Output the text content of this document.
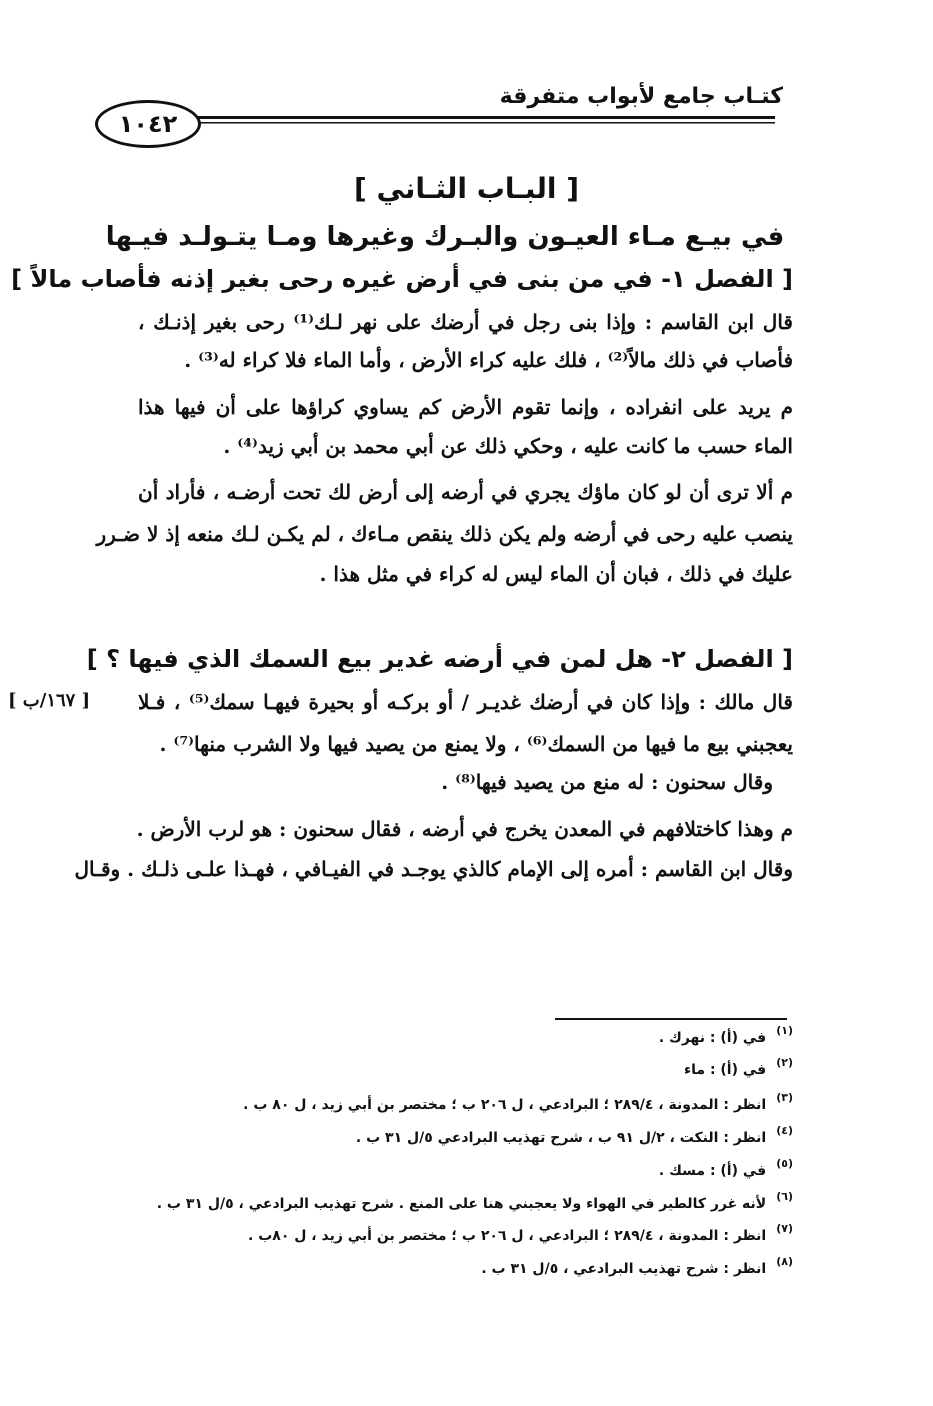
كتـاب جامع لأبواب متفرقة
١٠٤٢
[ البـاب الثـاني ]
في بيـع مـاء العيـون والبـرك وغيرها ومـا يتـولـد فيـها
[ الفصل ١- في من بنى في أرض غيره رحى بغير إذنه فأصاب مالاً ]
قال ابن القاسم : وإذا بنى رجل في أرضك على نهر لـك⁽¹⁾ رحى بغير إذنـك ،
فأصاب في ذلك مالاً⁽²⁾ ، فلك عليه كراء الأرض ، وأما الماء فلا كراء له⁽³⁾ .
م يريد على انفراده ، وإنما تقوم الأرض كم يساوي كراؤها على أن فيها هذا
الماء حسب ما كانت عليه ، وحكي ذلك عن أبي محمد بن أبي زيد⁽⁴⁾ .
م ألا ترى أن لو كان ماؤك يجري في أرضه إلى أرض لك تحت أرضـه ، فأراد أن
ينصب عليه رحى في أرضه ولم يكن ذلك ينقص مـاءك ، لم يكـن لـك منعه إذ لا ضـرر
عليك في ذلك ، فبان أن الماء ليس له كراء في مثل هذا .
[ الفصل ٢- هل لمن في أرضه غدير بيع السمك الذي فيها ؟ ]
[ ١٦٧/ب ] قال مالك : وإذا كان في أرضك غديـر / أو بركـه أو بحيرة فيهـا سمك⁽⁵⁾ ، فـلا
يعجبني بيع ما فيها من السمك⁽⁶⁾ ، ولا يمنع من يصيد فيها ولا الشرب منها⁽⁷⁾ .
وقال سحنون : له منع من يصيد فيها⁽⁸⁾ .
م وهذا كاختلافهم في المعدن يخرج في أرضه ، فقال سحنون : هو لرب الأرض .
وقال ابن القاسم : أمره إلى الإمام كالذي يوجـد في الفيـافي ، فهـذا علـى ذلـك . وقـال
(١)
في (أ) : نهرك .
(٢)
في (أ) : ماء
(٣)
انظر : المدونة ، ٢٨٩/٤ ؛ البرادعي ، ل ٢٠٦ ب ؛ مختصر بن أبي زيد ، ل ٨٠ ب .
(٤)
انظر : النكت ، ٢/ل ٩١ ب ، شرح تهذيب البرادعي ٥/ل ٣١ ب .
(٥)
في (أ) : مسك .
(٦)
لأنه غرر كالطير في الهواء ولا يعجبني هنا على المنع . شرح تهذيب البرادعي ، ٥/ل ٣١ ب .
(٧)
انظر : المدونة ، ٢٨٩/٤ ؛ البرادعي ، ل ٢٠٦ ب ؛ مختصر بن أبي زيد ، ل ٨٠ب .
(٨)
انظر : شرح تهذيب البرادعي ، ٥/ل ٣١ ب .
